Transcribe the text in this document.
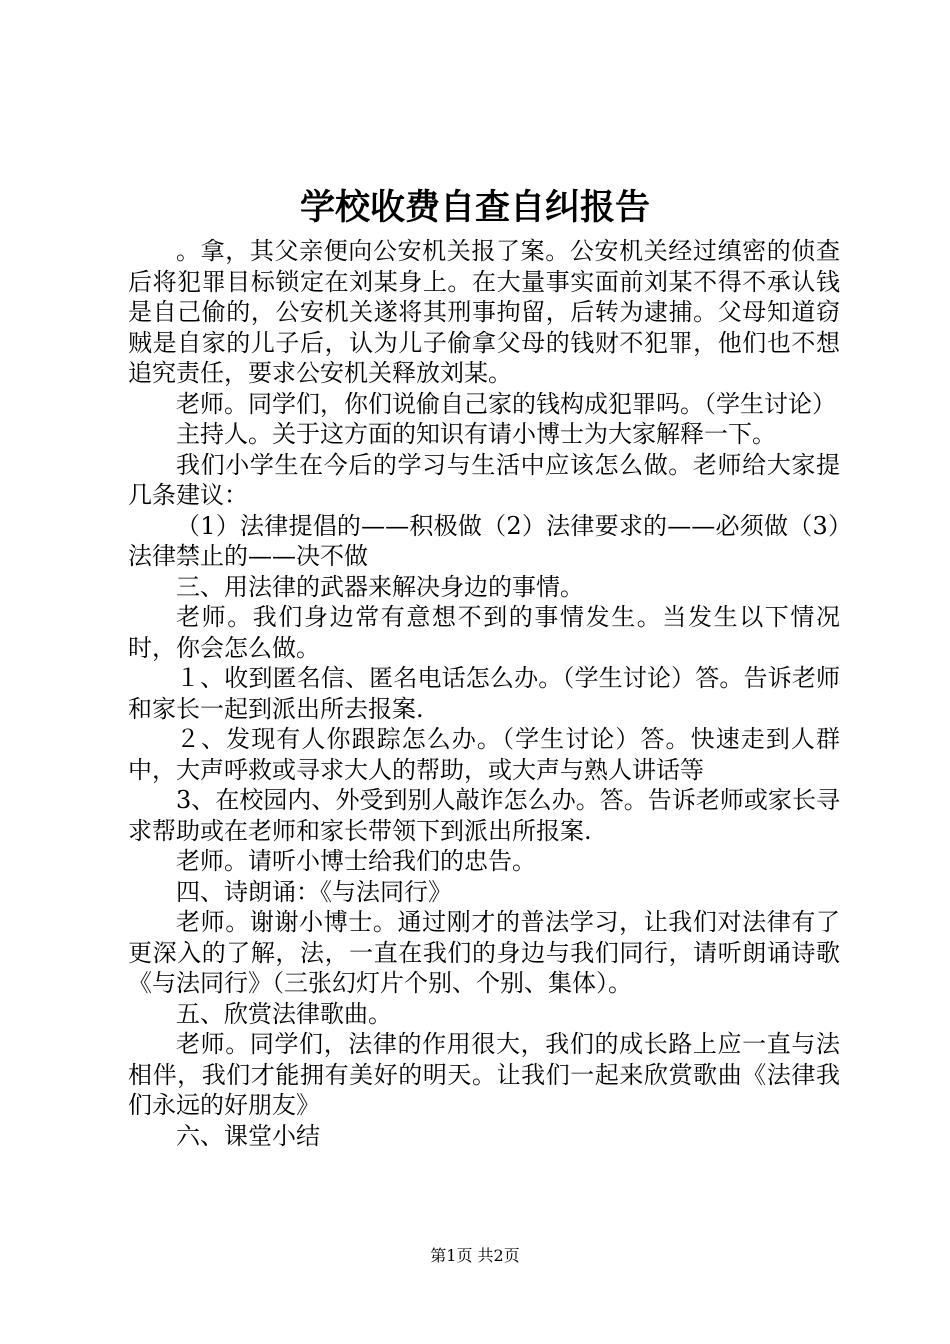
学校收费自查自纠报告

。拿，其父亲便向公安机关报了案。公安机关经过缜密的侦查后将犯罪目标锁定在刘某身上。在大量事实面前刘某不得不承认钱是自己偷的，公安机关遂将其刑事拘留，后转为逮捕。父母知道窃贼是自家的儿子后，认为儿子偷拿父母的钱财不犯罪，他们也不想追究责任，要求公安机关释放刘某。

老师。同学们，你们说偷自己家的钱构成犯罪吗。（学生讨论）

主持人。关于这方面的知识有请小博士为大家解释一下。

我们小学生在今后的学习与生活中应该怎么做。老师给大家提几条建议：

（1）法律提倡的——积极做（2）法律要求的——必须做（3）法律禁止的——决不做

三、用法律的武器来解决身边的事情。

老师。我们身边常有意想不到的事情发生。当发生以下情况时，你会怎么做。

１、收到匿名信、匿名电话怎么办。（学生讨论）答。告诉老师和家长一起到派出所去报案.

２、发现有人你跟踪怎么办。（学生讨论）答。快速走到人群中，大声呼救或寻求大人的帮助，或大声与熟人讲话等

3、在校园内、外受到别人敲诈怎么办。答。告诉老师或家长寻求帮助或在老师和家长带领下到派出所报案.

老师。请听小博士给我们的忠告。

四、诗朗诵：《与法同行》

老师。谢谢小博士。通过刚才的普法学习，让我们对法律有了更深入的了解，法，一直在我们的身边与我们同行，请听朗诵诗歌《与法同行》（三张幻灯片个别、个别、集体）。

五、欣赏法律歌曲。

老师。同学们，法律的作用很大，我们的成长路上应一直与法相伴，我们才能拥有美好的明天。让我们一起来欣赏歌曲《法律我们永远的好朋友》

六、课堂小结

第1页 共2页
